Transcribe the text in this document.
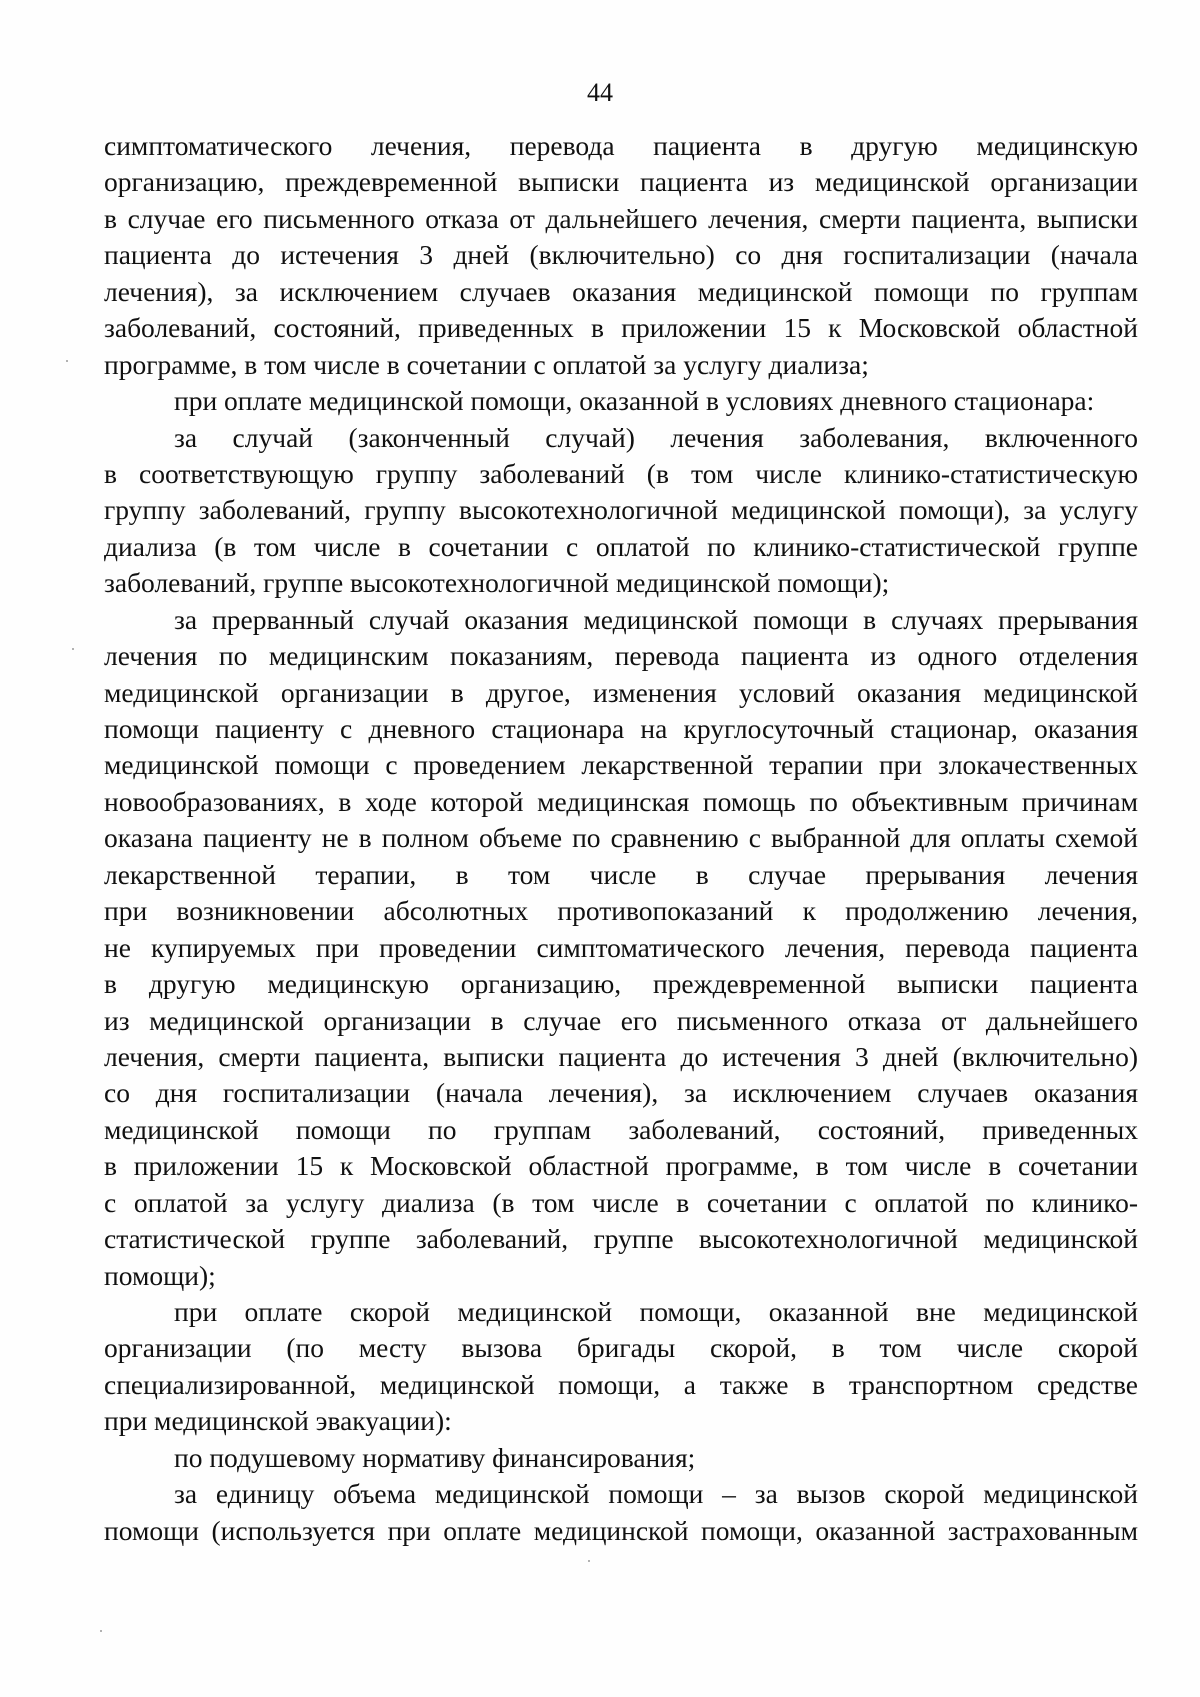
44
симптоматического лечения, перевода пациента в другую медицинскую
организацию, преждевременной выписки пациента из медицинской организации
в случае его письменного отказа от дальнейшего лечения, смерти пациента, выписки
пациента до истечения 3 дней (включительно) со дня госпитализации (начала
лечения), за исключением случаев оказания медицинской помощи по группам
заболеваний, состояний, приведенных в приложении 15 к Московской областной
программе, в том числе в сочетании с оплатой за услугу диализа;
при оплате медицинской помощи, оказанной в условиях дневного стационара:
за случай (законченный случай) лечения заболевания, включенного
в соответствующую группу заболеваний (в том числе клинико-статистическую
группу заболеваний, группу высокотехнологичной медицинской помощи), за услугу
диализа (в том числе в сочетании с оплатой по клинико-статистической группе
заболеваний, группе высокотехнологичной медицинской помощи);
за прерванный случай оказания медицинской помощи в случаях прерывания
лечения по медицинским показаниям, перевода пациента из одного отделения
медицинской организации в другое, изменения условий оказания медицинской
помощи пациенту с дневного стационара на круглосуточный стационар, оказания
медицинской помощи с проведением лекарственной терапии при злокачественных
новообразованиях, в ходе которой медицинская помощь по объективным причинам
оказана пациенту не в полном объеме по сравнению с выбранной для оплаты схемой
лекарственной терапии, в том числе в случае прерывания лечения
при возникновении абсолютных противопоказаний к продолжению лечения,
не купируемых при проведении симптоматического лечения, перевода пациента
в другую медицинскую организацию, преждевременной выписки пациента
из медицинской организации в случае его письменного отказа от дальнейшего
лечения, смерти пациента, выписки пациента до истечения 3 дней (включительно)
со дня госпитализации (начала лечения), за исключением случаев оказания
медицинской помощи по группам заболеваний, состояний, приведенных
в приложении 15 к Московской областной программе, в том числе в сочетании
с оплатой за услугу диализа (в том числе в сочетании с оплатой по клинико-
статистической группе заболеваний, группе высокотехнологичной медицинской
помощи);
при оплате скорой медицинской помощи, оказанной вне медицинской
организации (по месту вызова бригады скорой, в том числе скорой
специализированной, медицинской помощи, а также в транспортном средстве
при медицинской эвакуации):
по подушевому нормативу финансирования;
за единицу объема медицинской помощи – за вызов скорой медицинской
помощи (используется при оплате медицинской помощи, оказанной застрахованным
